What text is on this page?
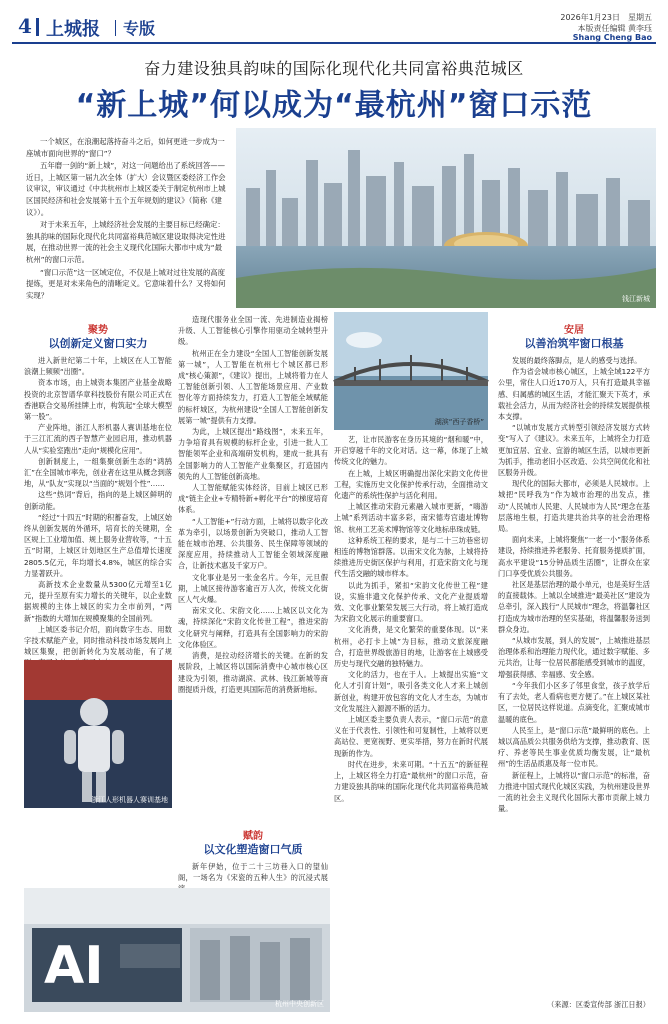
4 上城报 专版
2026年1月23日　星期五
本版责任编辑 黄李珏
Shang Cheng Bao
奋力建设独具韵味的国际化现代化共同富裕典范城区
“新上城”何以成为“最杭州”窗口示范

一个城区，在浪潮起落持奋斗之后，如何更进一步成为一座城市面向世界的“窗口”？

五年磨一剑的“新上城”，对这一问题给出了系统回答——近日，上城区第一届九次全体（扩大）会议暨区委经济工作会议审议，审议通过《中共杭州市上城区委关于制定杭州市上城区国民经济和社会发展第十五个五年规划的建议》（简称《建议》）。

对于未来五年，上城经济社会发展的主要目标已经确定：独具韵味的国际化现代化共同富裕典范城区建设取得决定性进展，在推动世界一流的社会主义现代化国际大都市中成为“最杭州”的窗口示范。

“窗口示范”这一区域定位，不仅是上城对过往发展的高度提炼，更是对未来角色的清晰定义。它意味着什么？又将如何实现？	钱江新城
聚势
以创新定义窗口实力

进入新世纪第二十年，上城区在人工智能浪潮上频频“出圈”。

资本市场，由上城资本集团产业基金战略投资的北京智谱华章科技股份有限公司正式在香港联合交易所挂牌上市，构筑起“全球大模型第一股”。

产业阵地，浙江人形机器人赛训基地在位于三江汇流的西子智慧产业园启用，推动机器人从“实验室跑出”走向“规模化应用”。

创新制度上，一组集聚创新生态的“鸿鹄汇”在全国城市率先，创业者在这里从概念到落地，从“队友”实现以“当面的”规划个性”……

这些“热词”背后，指向的是上城区鲜明的创新动能。

“经过“十四五”时期的积蓄奋发，上城区始终从创新发展的外循环，培育长的关键期，全区规上工业增加值、规上服务业营收等，“十五五”时期，上城区计划地区生产总值增长速度2805.5亿元，年均增长4.8%，城区的综合实力显著跃升。

高新技术企业数量从5300亿元增至1亿元，提升至原有实力增长的关键年，以企业数据规模的主体上城区的实力全市前列，“两新”指数的大增加在规模聚集的全国前列。

上城区委书记介绍，面向数字生态、用数字技术赋能产业，同时推动科技市场发展向上城区集聚，把创新转化为发展动能，有了规

浙江人形机器人赛训基地

造现代服务业全国一流、先进制造业揭榜升级、人工智能核心引擎作用驱动全城转型升级。

杭州正在全力建设“全国人工智能创新发展第一城”，人工智能在杭州七个城区都已形成“核心策源”，《建议》提出，上城将着力在人工智能创新引领、人工智能场景应用、产业数智化等方面持续发力，打造人工智能全域赋能的标杆城区，为杭州建设“全国人工智能创新发展第一城”提供有力支撑。

为此，上城区提出“路线图”，未来五年，力争培育具有规模的标杆企业，引进一批人工智能领军企业和高端研发机构，建成一批具有全国影响力的人工智能产业集聚区，打造国内领先的人工智能创新高地。

人工智能赋能实体经济，目前上城区已形成“链主企业+专精特新+孵化平台”的梯度培育体系。

“人工智能+”行动方面，上城将以数字化改革为牵引，以场景创新为突破口，推动人工智能在城市治理、公共服务、民生保障等领域的深度应用，持续推动人工智能全领域深度融合，让新技术惠及千家万户。

文化事业是另一张金名片。今年，元旦假期，上城区接待游客逾百万人次，传统文化街区人气火爆。

南宋文化、宋韵文化……上城区以文化为魂，持续深化“宋韵文化传世工程”，推进宋韵文化研究与阐释，打造具有全国影响力的宋韵文化体验区。

消费，是拉动经济增长的关键。在新的发展阶段，上城区将以国际消费中心城市核心区建设为引领，推动湖滨、武林、钱江新城等商圈提质升级，打造更具国际范的消费新地标。

赋韵
以文化塑造窗口气质

新年伊始，位于二十三坊巷入口的望仙阁，一场名为《宋瓷的五种人生》的沉浸式展

AI
杭州中央创新区
湖滨“西子香桥”

艺，让市民游客在身历其境的“烟和暖”中，开启穿越千年的文化对话。这一幕，体现了上城传统文化的魅力。

在上城，上城区明确提出深化宋韵文化传世工程，实施历史文化保护传承行动，全面推动文化遗产的系统性保护与活化利用。

上城区推动宋韵元素融入城市更新，“嗨游上城”系列活动丰富多彩，南宋德寿宫遗址博物馆、杭州工艺美术博物馆等文化地标串珠成链。

这种系统工程的要求，是与二十三坊巷密切相连的博物馆群落。以南宋文化为脉，上城将持续推进历史街区保护与利用，打造宋韵文化与现代生活交融的城市样本。

以此为抓手，紧扣“宋韵文化传世工程”建设，实施非遗文化保护传承、文化产业提质增效、文化事业繁荣发展三大行动，将上城打造成为宋韵文化展示的重要窗口。

文化消费，是文化繁荣的重要体现。以“来杭州，必打卡上城”为目标，推动文旅深度融合，打造世界级旅游目的地，让游客在上城感受历史与现代交融的独特魅力。

文化的活力，也在于人。上城提出实施“文化人才引育计划”，吸引各类文化人才来上城创新创业，构建开放包容的文化人才生态，为城市文化发展注入源源不断的活力。

上城区委主要负责人表示，“窗口示范”的意义在于代表性、引领性和可复制性，上城将以更高站位、更宽视野、更实举措，努力在新时代展现新的作为。

时代在进步，未来可期。“十五五”的新征程上，上城区将全力打造“最杭州”的窗口示范，奋力建设独具韵味的国际化现代化共同富裕典范城区。

安居
以善治筑牢窗口根基

发展的最终落脚点，是人的感受与选择。

作为省会城市核心城区，上城全域122平方公里，常住人口近170万人，只有打造最具幸福感、归属感的城区生活，才能汇聚天下英才，承载社会活力，从而为经济社会的持续发展提供根本支撑。

“以城市发展方式转型引领经济发展方式转变”写入了《建议》。未来五年，上城将全力打造更加宜居、宜业、宜游的城区生活，以城市更新为抓手，推动老旧小区改造、公共空间优化和社区服务升级。

现代化的国际大都市，必须是人民城市。上城把“民呼我为”作为城市治理的出发点，推动“人民城市人民建、人民城市为人民”理念在基层落地生根，打造共建共治共享的社会治理格局。

面向未来，上城将聚焦“一老一小”服务体系建设，持续推进养老服务、托育服务提质扩面，高水平建设“15分钟品质生活圈”，让群众在家门口享受优质公共服务。

社区是基层治理的最小单元，也是美好生活的直接载体。上城以全域推进“最美社区”建设为总牵引，深入践行“人民城市”理念，将温馨社区打造成为城市治理的坚实基础，将温馨服务送到群众身边。

“从城市发展，到人的发展”，上城推进基层治理体系和治理能力现代化，通过数字赋能、多元共治，让每一位居民都能感受到城市的温度，增强获得感、幸福感、安全感。

“今年我们小区多了邻里食堂，孩子放学后有了去处，老人看病也更方便了。”在上城区某社区，一位居民这样说道。点滴变化，汇聚成城市温暖的底色。

人民至上，是“窗口示范”最鲜明的底色。上城以高品质公共服务供给为支撑，推动教育、医疗、养老等民生事业优质均衡发展，让“最杭州”的生活品质惠及每一位市民。

新征程上，上城将以“窗口示范”的标准，奋力推进中国式现代化城区实践，为杭州建设世界一流的社会主义现代化国际大都市贡献上城力量。

（来源：区委宣传部 浙江日报）
